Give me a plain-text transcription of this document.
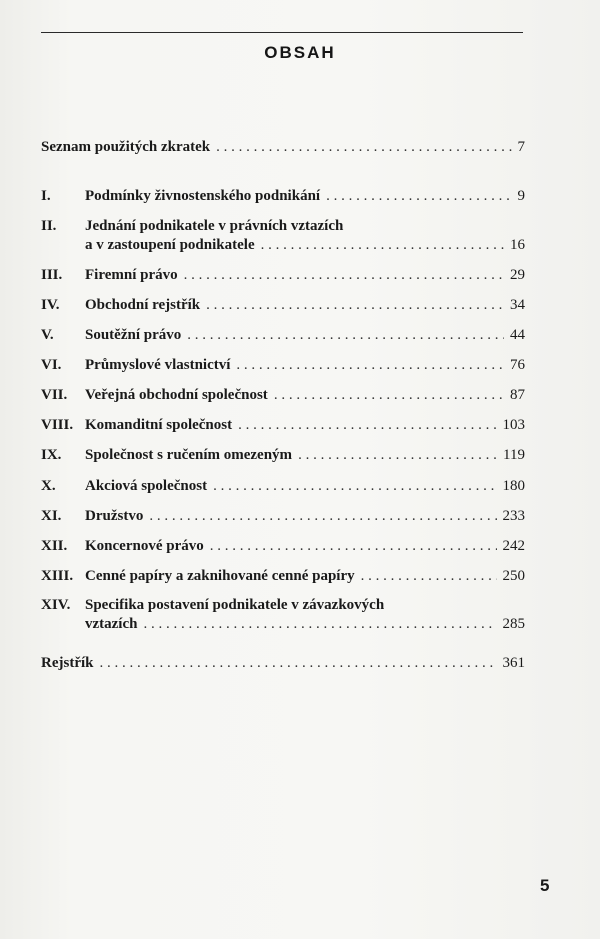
OBSAH
Seznam použitých zkratek . . .	7
I. Podmínky živnostenského podnikání . . .	9
II. Jednání podnikatele v právních vztazích
a v zastoupení podnikatele . . .	16
III. Firemní právo . . .	29
IV. Obchodní rejstřík . . .	34
V. Soutěžní právo . . .	44
VI. Průmyslové vlastnictví . . .	76
VII. Veřejná obchodní společnost . . .	87
VIII. Komanditní společnost . . .	103
IX. Společnost s ručením omezeným . . .	119
X. Akciová společnost . . .	180
XI. Družstvo . . .	233
XII. Koncernové právo . . .	242
XIII. Cenné papíry a zaknihované cenné papíry . . .	250
XIV. Specifika postavení podnikatele v závazkových
vztazích . . .	285
Rejstřík . . .	361
5
